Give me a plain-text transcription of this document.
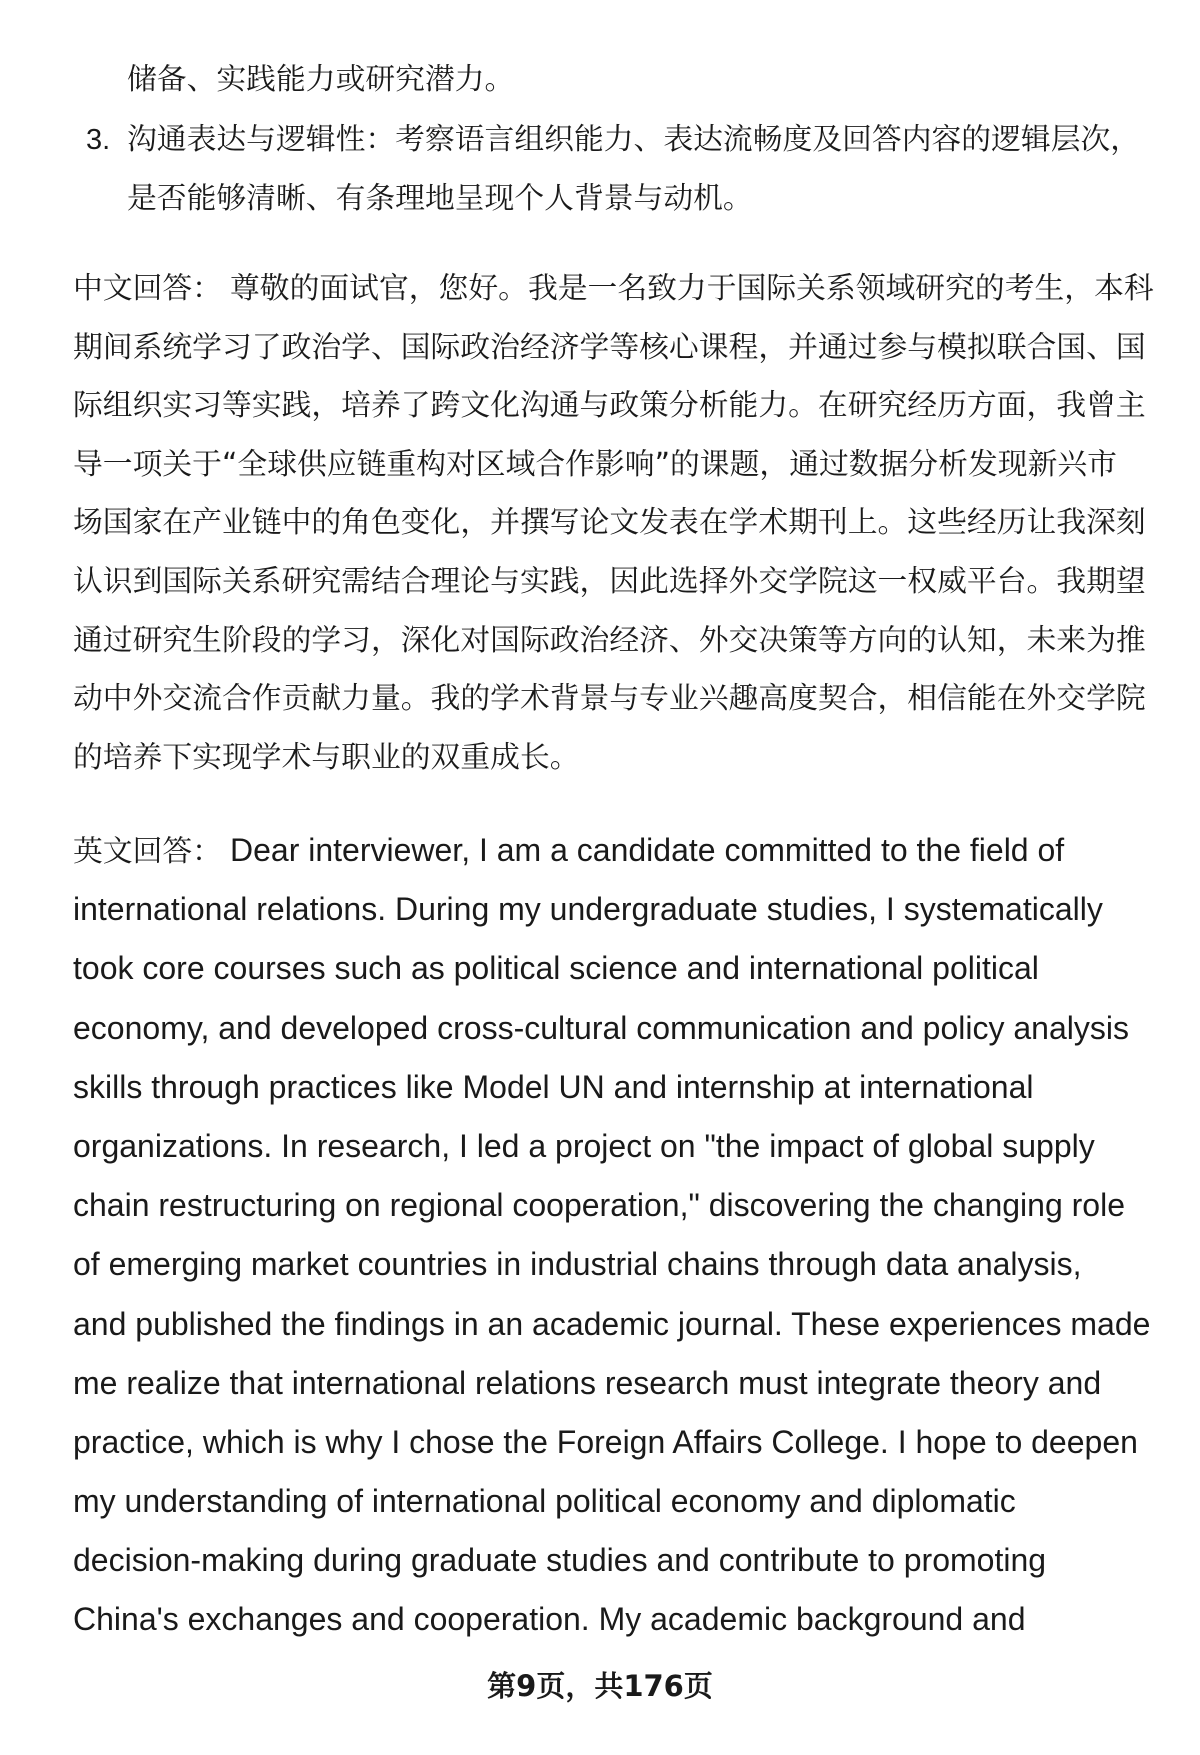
储备、实践能力或研究潜力。
3. 沟通表达与逻辑性：考察语言组织能力、表达流畅度及回答内容的逻辑层次，
是否能够清晰、有条理地呈现个人背景与动机。
中文回答： 尊敬的面试官，您好。我是一名致力于国际关系领域研究的考生，本科
期间系统学习了政治学、国际政治经济学等核心课程，并通过参与模拟联合国、国
际组织实习等实践，培养了跨文化沟通与政策分析能力。在研究经历方面，我曾主
导一项关于“全球供应链重构对区域合作影响”的课题，通过数据分析发现新兴市
场国家在产业链中的角色变化，并撰写论文发表在学术期刊上。这些经历让我深刻
认识到国际关系研究需结合理论与实践，因此选择外交学院这一权威平台。我期望
通过研究生阶段的学习，深化对国际政治经济、外交决策等方向的认知，未来为推
动中外交流合作贡献力量。我的学术背景与专业兴趣高度契合，相信能在外交学院
的培养下实现学术与职业的双重成长。
英文回答： Dear interviewer, I am a candidate committed to the field of
international relations. During my undergraduate studies, I systematically
took core courses such as political science and international political
economy, and developed cross-cultural communication and policy analysis
skills through practices like Model UN and internship at international
organizations. In research, I led a project on "the impact of global supply
chain restructuring on regional cooperation," discovering the changing role
of emerging market countries in industrial chains through data analysis,
and published the findings in an academic journal. These experiences made
me realize that international relations research must integrate theory and
practice, which is why I chose the Foreign Affairs College. I hope to deepen
my understanding of international political economy and diplomatic
decision-making during graduate studies and contribute to promoting
China's exchanges and cooperation. My academic background and
第9页，共176页
